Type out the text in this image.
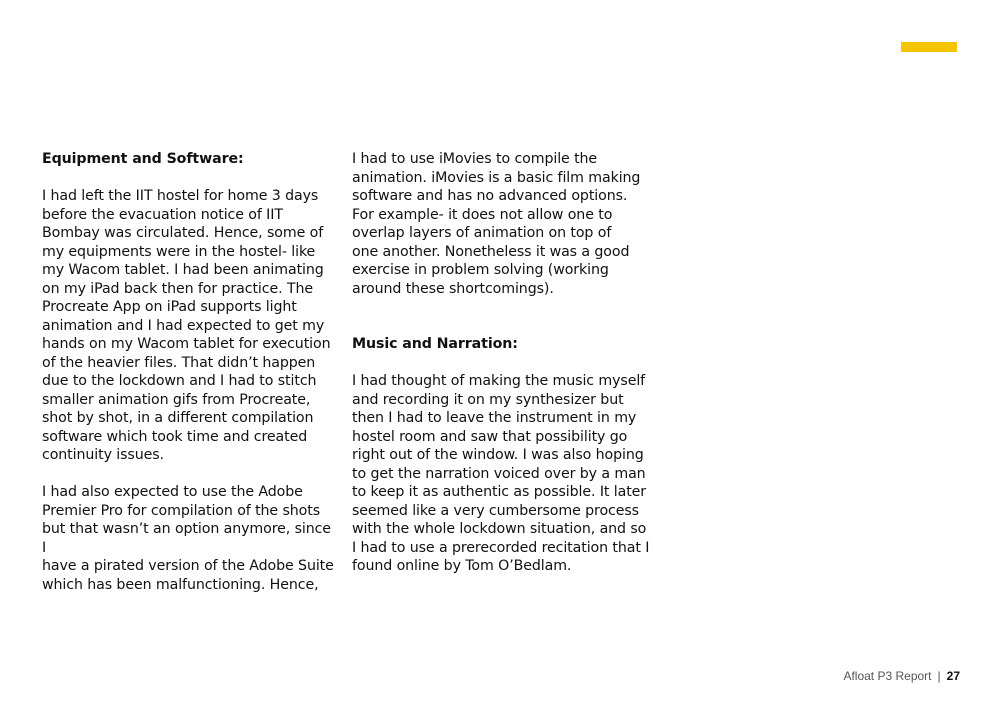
Equipment and Software:

I had left the IIT hostel for home 3 days
before the evacuation notice of IIT
Bombay was circulated. Hence, some of
my equipments were in the hostel- like
my Wacom tablet. I had been animating
on my iPad back then for practice. The
Procreate App on iPad supports light
animation and I had expected to get my
hands on my Wacom tablet for execution
of the heavier files. That didn’t happen
due to the lockdown and I had to stitch
smaller animation gifs from Procreate,
shot by shot, in a different compilation
software which took time and created
continuity issues.

I had also expected to use the Adobe
Premier Pro for compilation of the shots
but that wasn’t an option anymore, since I
have a pirated version of the Adobe Suite
which has been malfunctioning. Hence,

I had to use iMovies to compile the
animation. iMovies is a basic film making
software and has no advanced options.
For example- it does not allow one to
overlap layers of animation on top of
one another. Nonetheless it was a good
exercise in problem solving (working
around these shortcomings).

Music and Narration:

I had thought of making the music myself
and recording it on my synthesizer but
then I had to leave the instrument in my
hostel room and saw that possibility go
right out of the window. I was also hoping
to get the narration voiced over by a man
to keep it as authentic as possible. It later
seemed like a very cumbersome process
with the whole lockdown situation, and so
I had to use a prerecorded recitation that I
found online by Tom O’Bedlam.

Afloat P3 Report | 27
